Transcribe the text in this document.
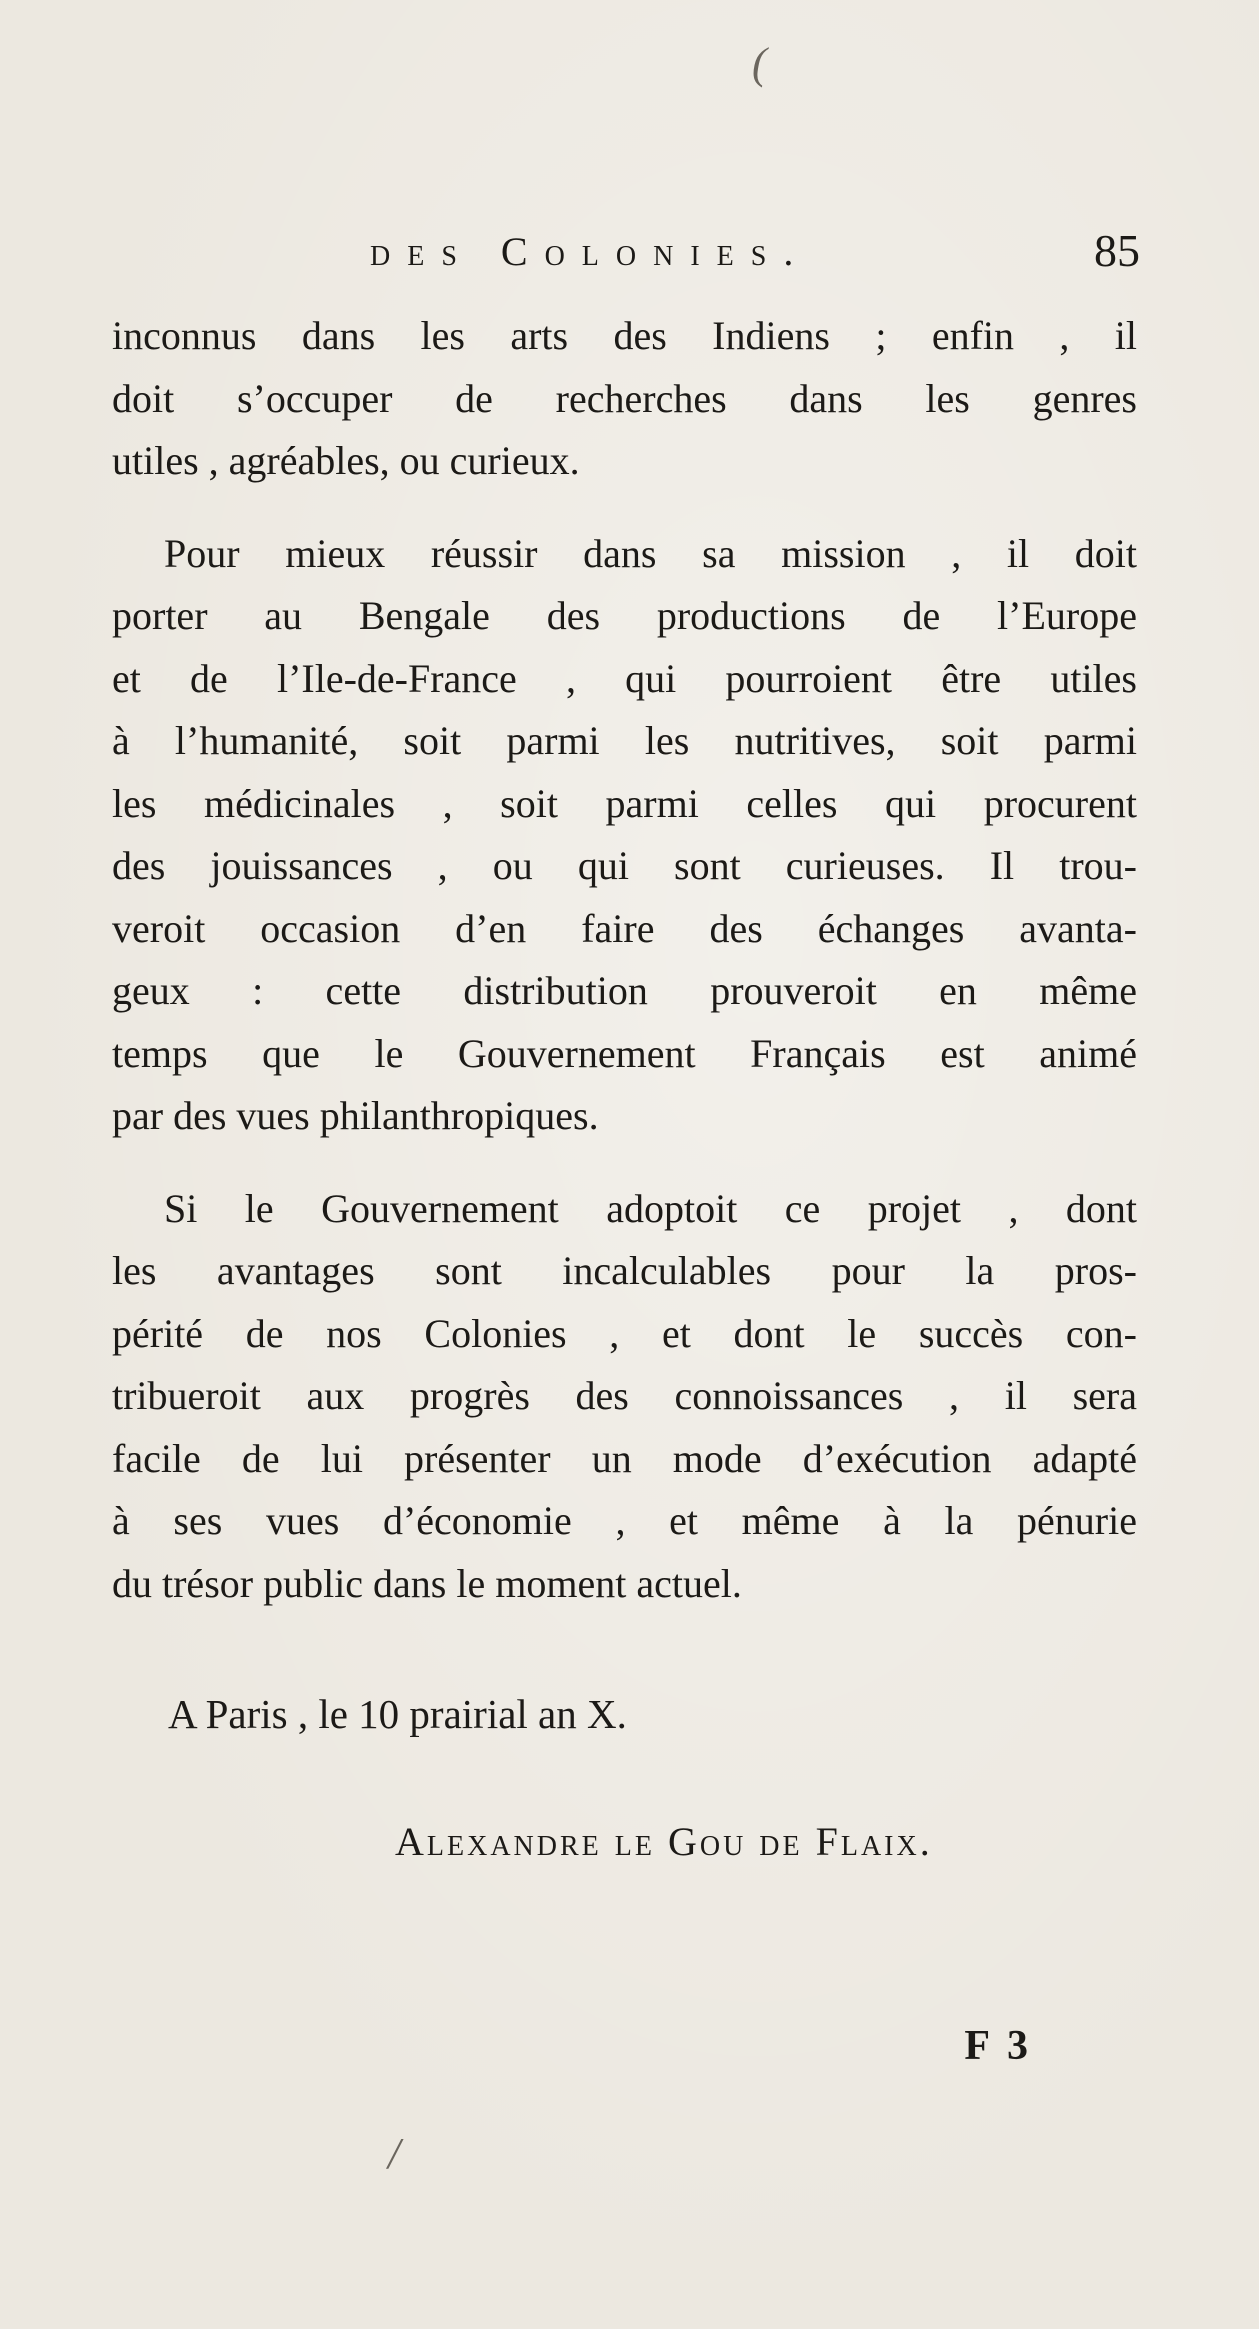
(
des Colonies.	85
inconnus dans les arts des Indiens ; enfin , il
doit s’occuper de recherches dans les genres
utiles , agréables, ou curieux.
Pour mieux réussir dans sa mission , il doit
porter au Bengale des productions de l’Europe
et de l’Ile-de-France , qui pourroient être utiles
à l’humanité, soit parmi les nutritives, soit parmi
les médicinales , soit parmi celles qui procurent
des jouissances , ou qui sont curieuses. Il trou-
veroit occasion d’en faire des échanges avanta-
geux : cette distribution prouveroit en même
temps que le Gouvernement Français est animé
par des vues philanthropiques.
Si le Gouvernement adoptoit ce projet , dont
les avantages sont incalculables pour la pros-
périté de nos Colonies , et dont le succès con-
tribueroit aux progrès des connoissances , il sera
facile de lui présenter un mode d’exécution adapté
à ses vues d’économie , et même à la pénurie
du trésor public dans le moment actuel.
A Paris , le 10 prairial an X.
Alexandre le Gou de Flaix.
F 3
/
